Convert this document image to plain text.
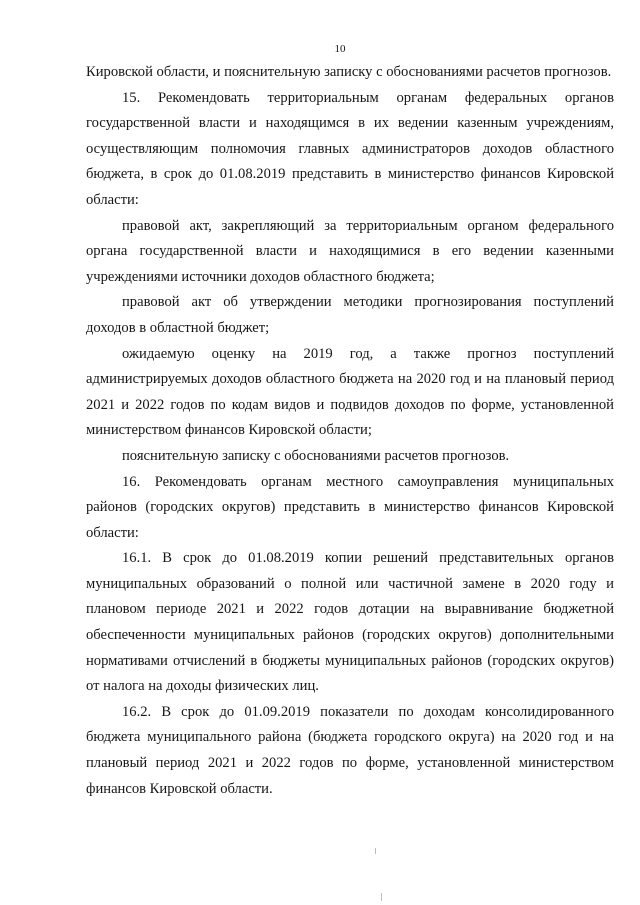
10

Кировской области, и пояснительную записку с обоснованиями расчетов прогнозов.

15. Рекомендовать территориальным органам федеральных органов государственной власти и находящимся в их ведении казенным учреждениям, осуществляющим полномочия главных администраторов доходов областного бюджета, в срок до 01.08.2019 представить в министерство финансов Кировской области:

правовой акт, закрепляющий за территориальным органом федерального органа государственной власти и находящимися в его ведении казенными учреждениями источники доходов областного бюджета;

правовой акт об утверждении методики прогнозирования поступлений доходов в областной бюджет;

ожидаемую оценку на 2019 год, а также прогноз поступлений администрируемых доходов областного бюджета на 2020 год и на плановый период 2021 и 2022 годов по кодам видов и подвидов доходов по форме, установленной министерством финансов Кировской области;

пояснительную записку с обоснованиями расчетов прогнозов.

16. Рекомендовать органам местного самоуправления муниципальных районов (городских округов) представить в министерство финансов Кировской области:

16.1. В срок до 01.08.2019 копии решений представительных органов муниципальных образований о полной или частичной замене в 2020 году и плановом периоде 2021 и 2022 годов дотации на выравнивание бюджетной обеспеченности муниципальных районов (городских округов) дополнительными нормативами отчислений в бюджеты муниципальных районов (городских округов) от налога на доходы физических лиц.

16.2. В срок до 01.09.2019 показатели по доходам консолидированного бюджета муниципального района (бюджета городского округа) на 2020 год и на плановый период 2021 и 2022 годов по форме, установленной министерством финансов Кировской области.
